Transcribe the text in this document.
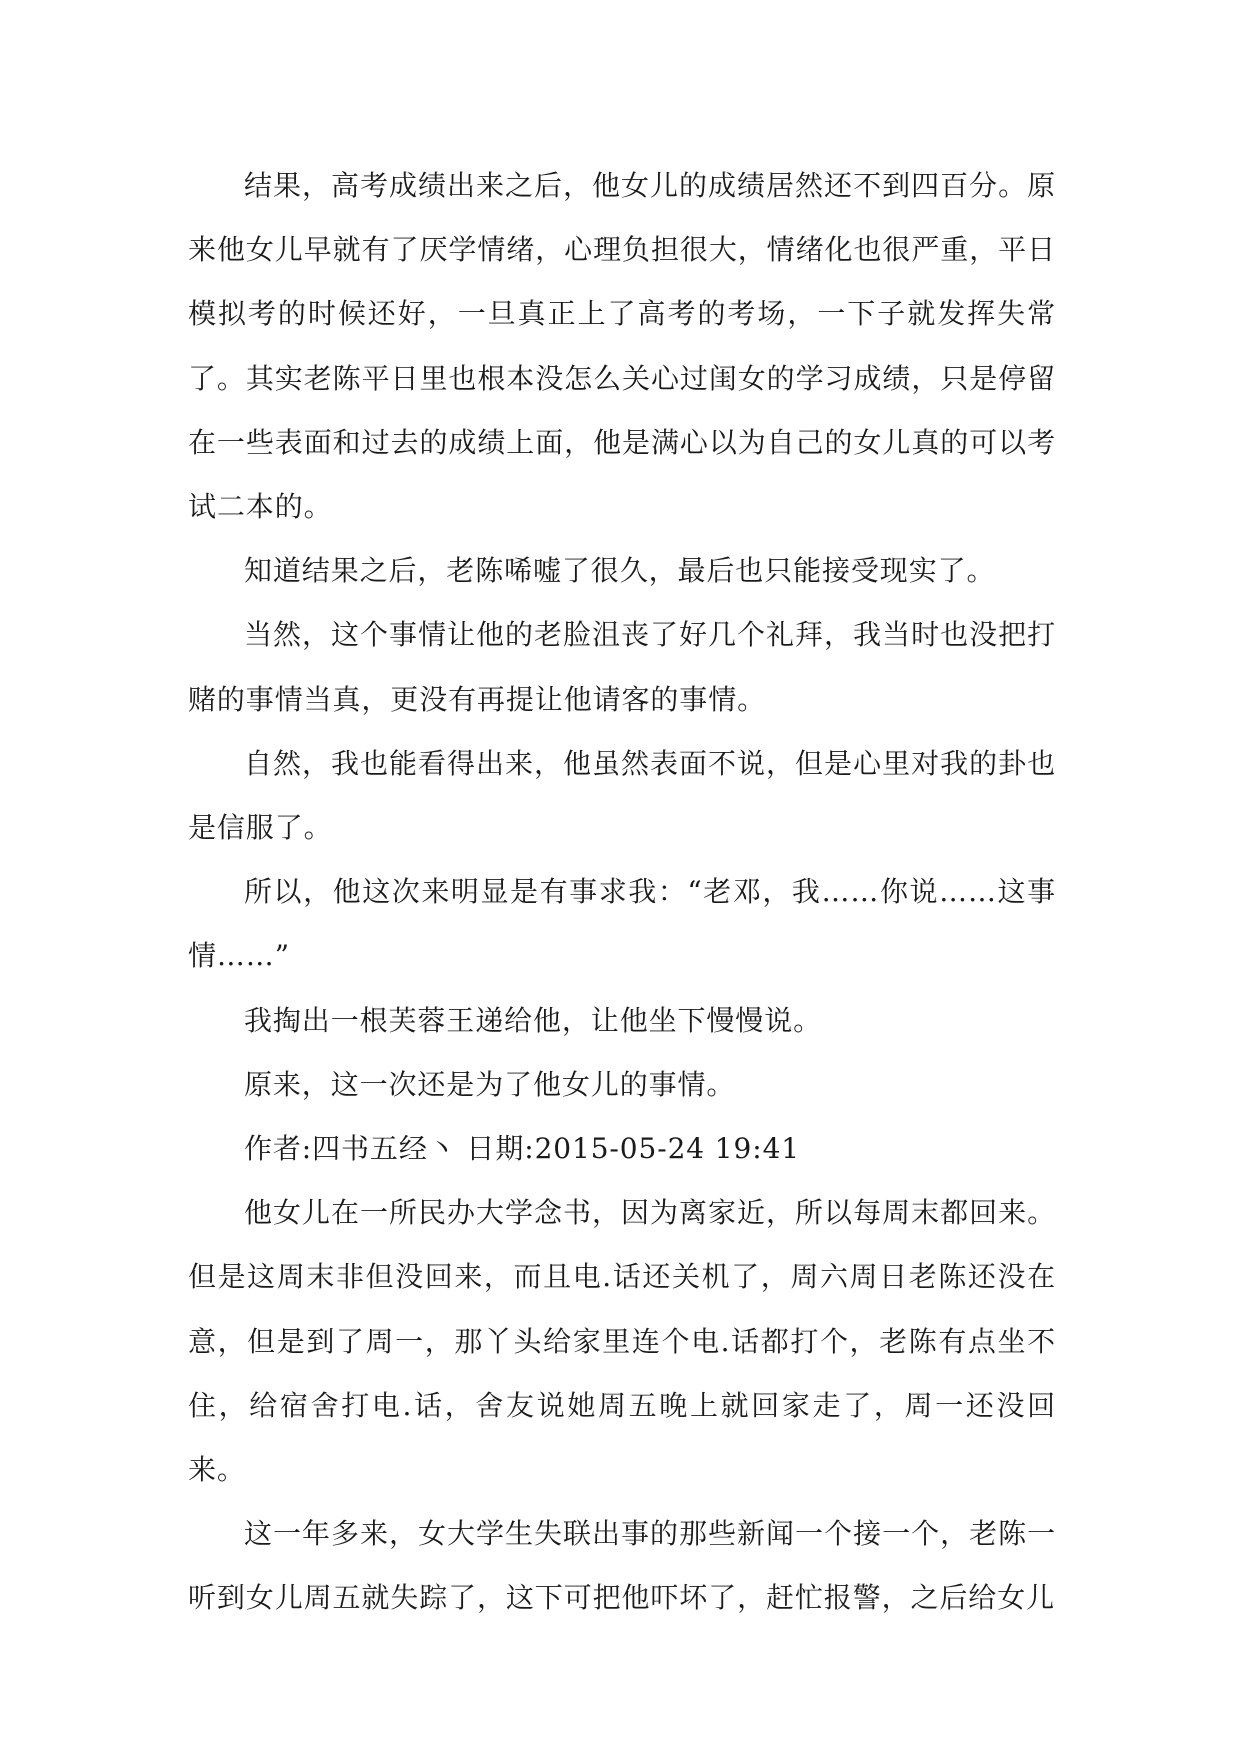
结果，高考成绩出来之后，他女儿的成绩居然还不到四百分。原来他女儿早就有了厌学情绪，心理负担很大，情绪化也很严重，平日模拟考的时候还好，一旦真正上了高考的考场，一下子就发挥失常了。其实老陈平日里也根本没怎么关心过闺女的学习成绩，只是停留在一些表面和过去的成绩上面，他是满心以为自己的女儿真的可以考试二本的。

知道结果之后，老陈唏嘘了很久，最后也只能接受现实了。

当然，这个事情让他的老脸沮丧了好几个礼拜，我当时也没把打赌的事情当真，更没有再提让他请客的事情。

自然，我也能看得出来，他虽然表面不说，但是心里对我的卦也是信服了。

所以，他这次来明显是有事求我：“老邓，我……你说……这事情……”

我掏出一根芙蓉王递给他，让他坐下慢慢说。

原来，这一次还是为了他女儿的事情。

作者:四书五经丶 日期:2015-05-24 19:41

他女儿在一所民办大学念书，因为离家近，所以每周末都回来。但是这周末非但没回来，而且电.话还关机了，周六周日老陈还没在意，但是到了周一，那丫头给家里连个电.话都打个，老陈有点坐不住，给宿舍打电.话，舍友说她周五晚上就回家走了，周一还没回来。

这一年多来，女大学生失联出事的那些新闻一个接一个，老陈一听到女儿周五就失踪了，这下可把他吓坏了，赶忙报警，之后给女儿
